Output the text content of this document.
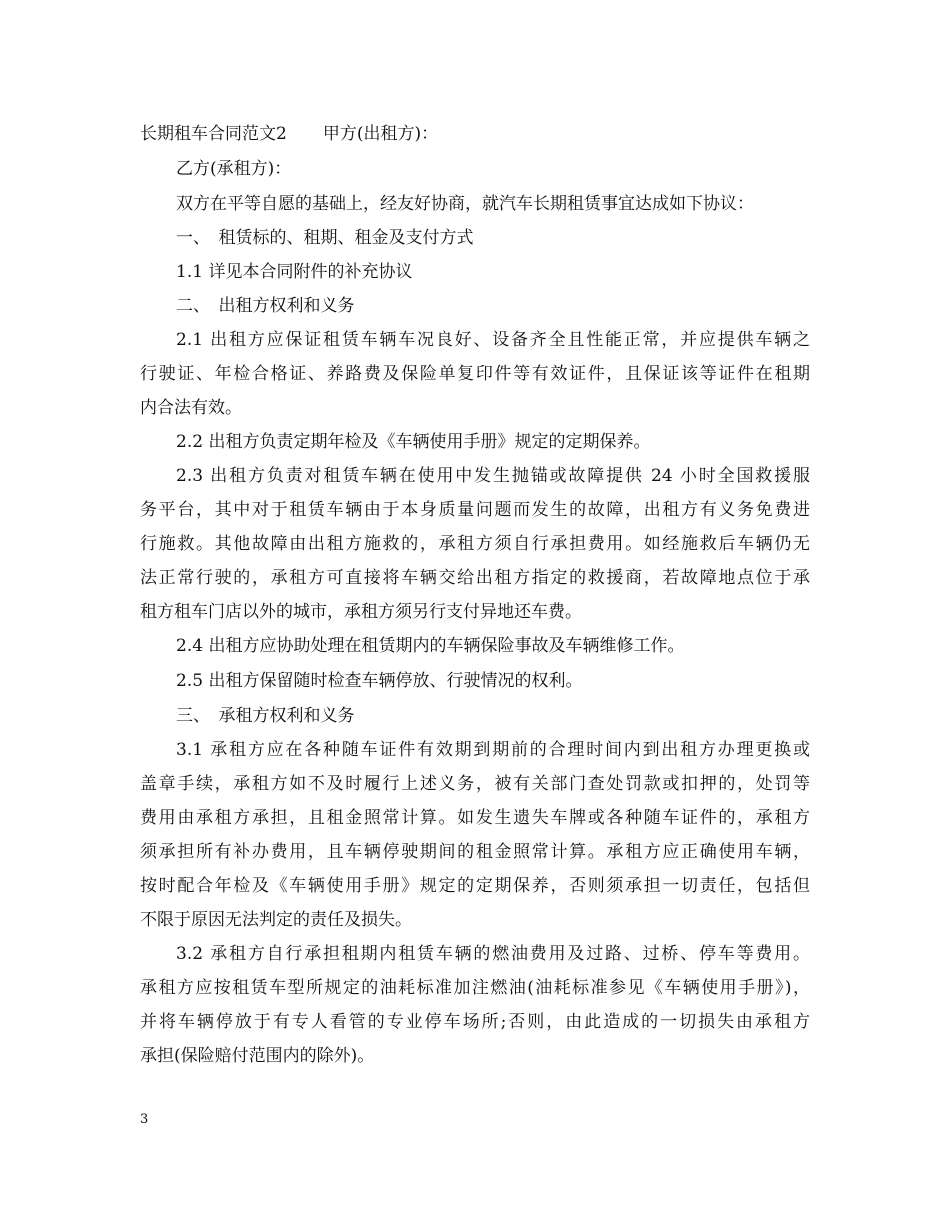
长期租车合同范文2 甲方(出租方)：
乙方(承租方)：
双方在平等自愿的基础上，经友好协商，就汽车长期租赁事宜达成如下协议：
一、　租赁标的、租期、租金及支付方式
1.1 详见本合同附件的补充协议
二、　出租方权利和义务
2.1 出租方应保证租赁车辆车况良好、设备齐全且性能正常，并应提供车辆之
行驶证、年检合格证、养路费及保险单复印件等有效证件，且保证该等证件在租期
内合法有效。
2.2 出租方负责定期年检及《车辆使用手册》规定的定期保养。
2.3 出租方负责对租赁车辆在使用中发生抛锚或故障提供 24 小时全国救援服
务平台，其中对于租赁车辆由于本身质量问题而发生的故障，出租方有义务免费进
行施救。其他故障由出租方施救的，承租方须自行承担费用。如经施救后车辆仍无
法正常行驶的，承租方可直接将车辆交给出租方指定的救援商，若故障地点位于承
租方租车门店以外的城市，承租方须另行支付异地还车费。
2.4 出租方应协助处理在租赁期内的车辆保险事故及车辆维修工作。
2.5 出租方保留随时检查车辆停放、行驶情况的权利。
三、　承租方权利和义务
3.1 承租方应在各种随车证件有效期到期前的合理时间内到出租方办理更换或
盖章手续，承租方如不及时履行上述义务，被有关部门查处罚款或扣押的，处罚等
费用由承租方承担，且租金照常计算。如发生遗失车牌或各种随车证件的，承租方
须承担所有补办费用，且车辆停驶期间的租金照常计算。承租方应正确使用车辆，
按时配合年检及《车辆使用手册》规定的定期保养，否则须承担一切责任，包括但
不限于原因无法判定的责任及损失。
3.2 承租方自行承担租期内租赁车辆的燃油费用及过路、过桥、停车等费用。
承租方应按租赁车型所规定的油耗标准加注燃油(油耗标准参见《车辆使用手册》)，
并将车辆停放于有专人看管的专业停车场所;否则，由此造成的一切损失由承租方
承担(保险赔付范围内的除外)。
3
